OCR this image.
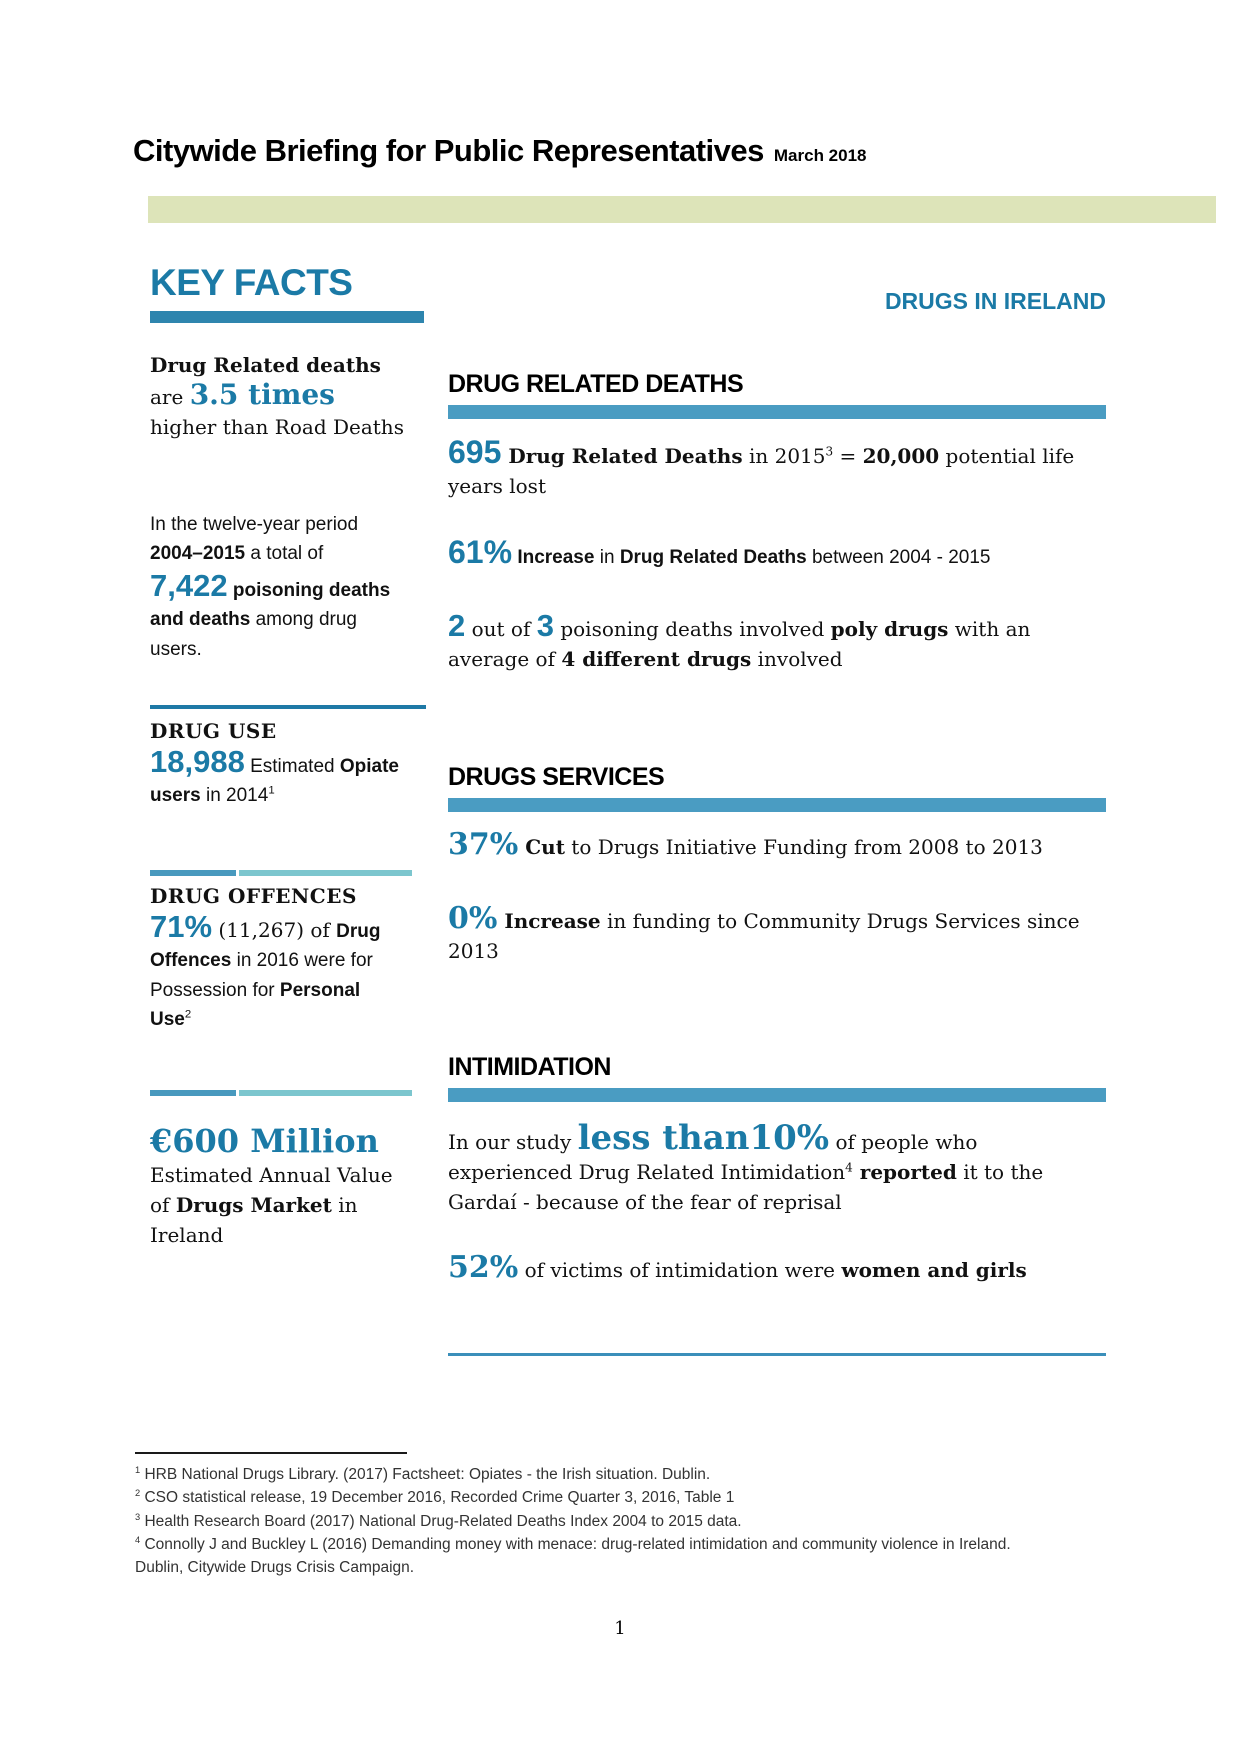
Citywide Briefing for Public Representatives March 2018
KEY FACTS
Drug Related deaths
are 3.5 times
higher than Road Deaths
In the twelve-year period 2004–2015 a total of 7,422 poisoning deaths and deaths among drug users.
DRUG USE
18,988 Estimated Opiate users in 2014$^1$
DRUG OFFENCES
71% (11,267) of Drug Offences in 2016 were for Possession for Personal Use$^2$
€600 Million
Estimated Annual Value of Drugs Market in Ireland
DRUGS IN IRELAND
DRUG RELATED DEATHS
695 Drug Related Deaths in $2015^3 = 20,000$ potential life years lost
61% Increase in Drug Related Deaths between 2004 - 2015
2 out of 3 poisoning deaths involved poly drugs with an average of 4 different drugs involved
DRUGS SERVICES
37% Cut to Drugs Initiative Funding from 2008 to 2013
0% Increase in funding to Community Drugs Services since 2013
INTIMIDATION
In our study less than10% of people who experienced Drug Related Intimidation$^4$ reported it to the Gardaí - because of the fear of reprisal
52% of victims of intimidation were women and girls
$^1$ HRB National Drugs Library. (2017) Factsheet: Opiates - the Irish situation. Dublin.
$^2$ CSO statistical release, 19 December 2016, Recorded Crime Quarter 3, 2016, Table 1
$^3$ Health Research Board (2017) National Drug-Related Deaths Index 2004 to 2015 data.
$^4$ Connolly J and Buckley L (2016) Demanding money with menace: drug-related intimidation and community violence in Ireland. Dublin, Citywide Drugs Crisis Campaign.
1
